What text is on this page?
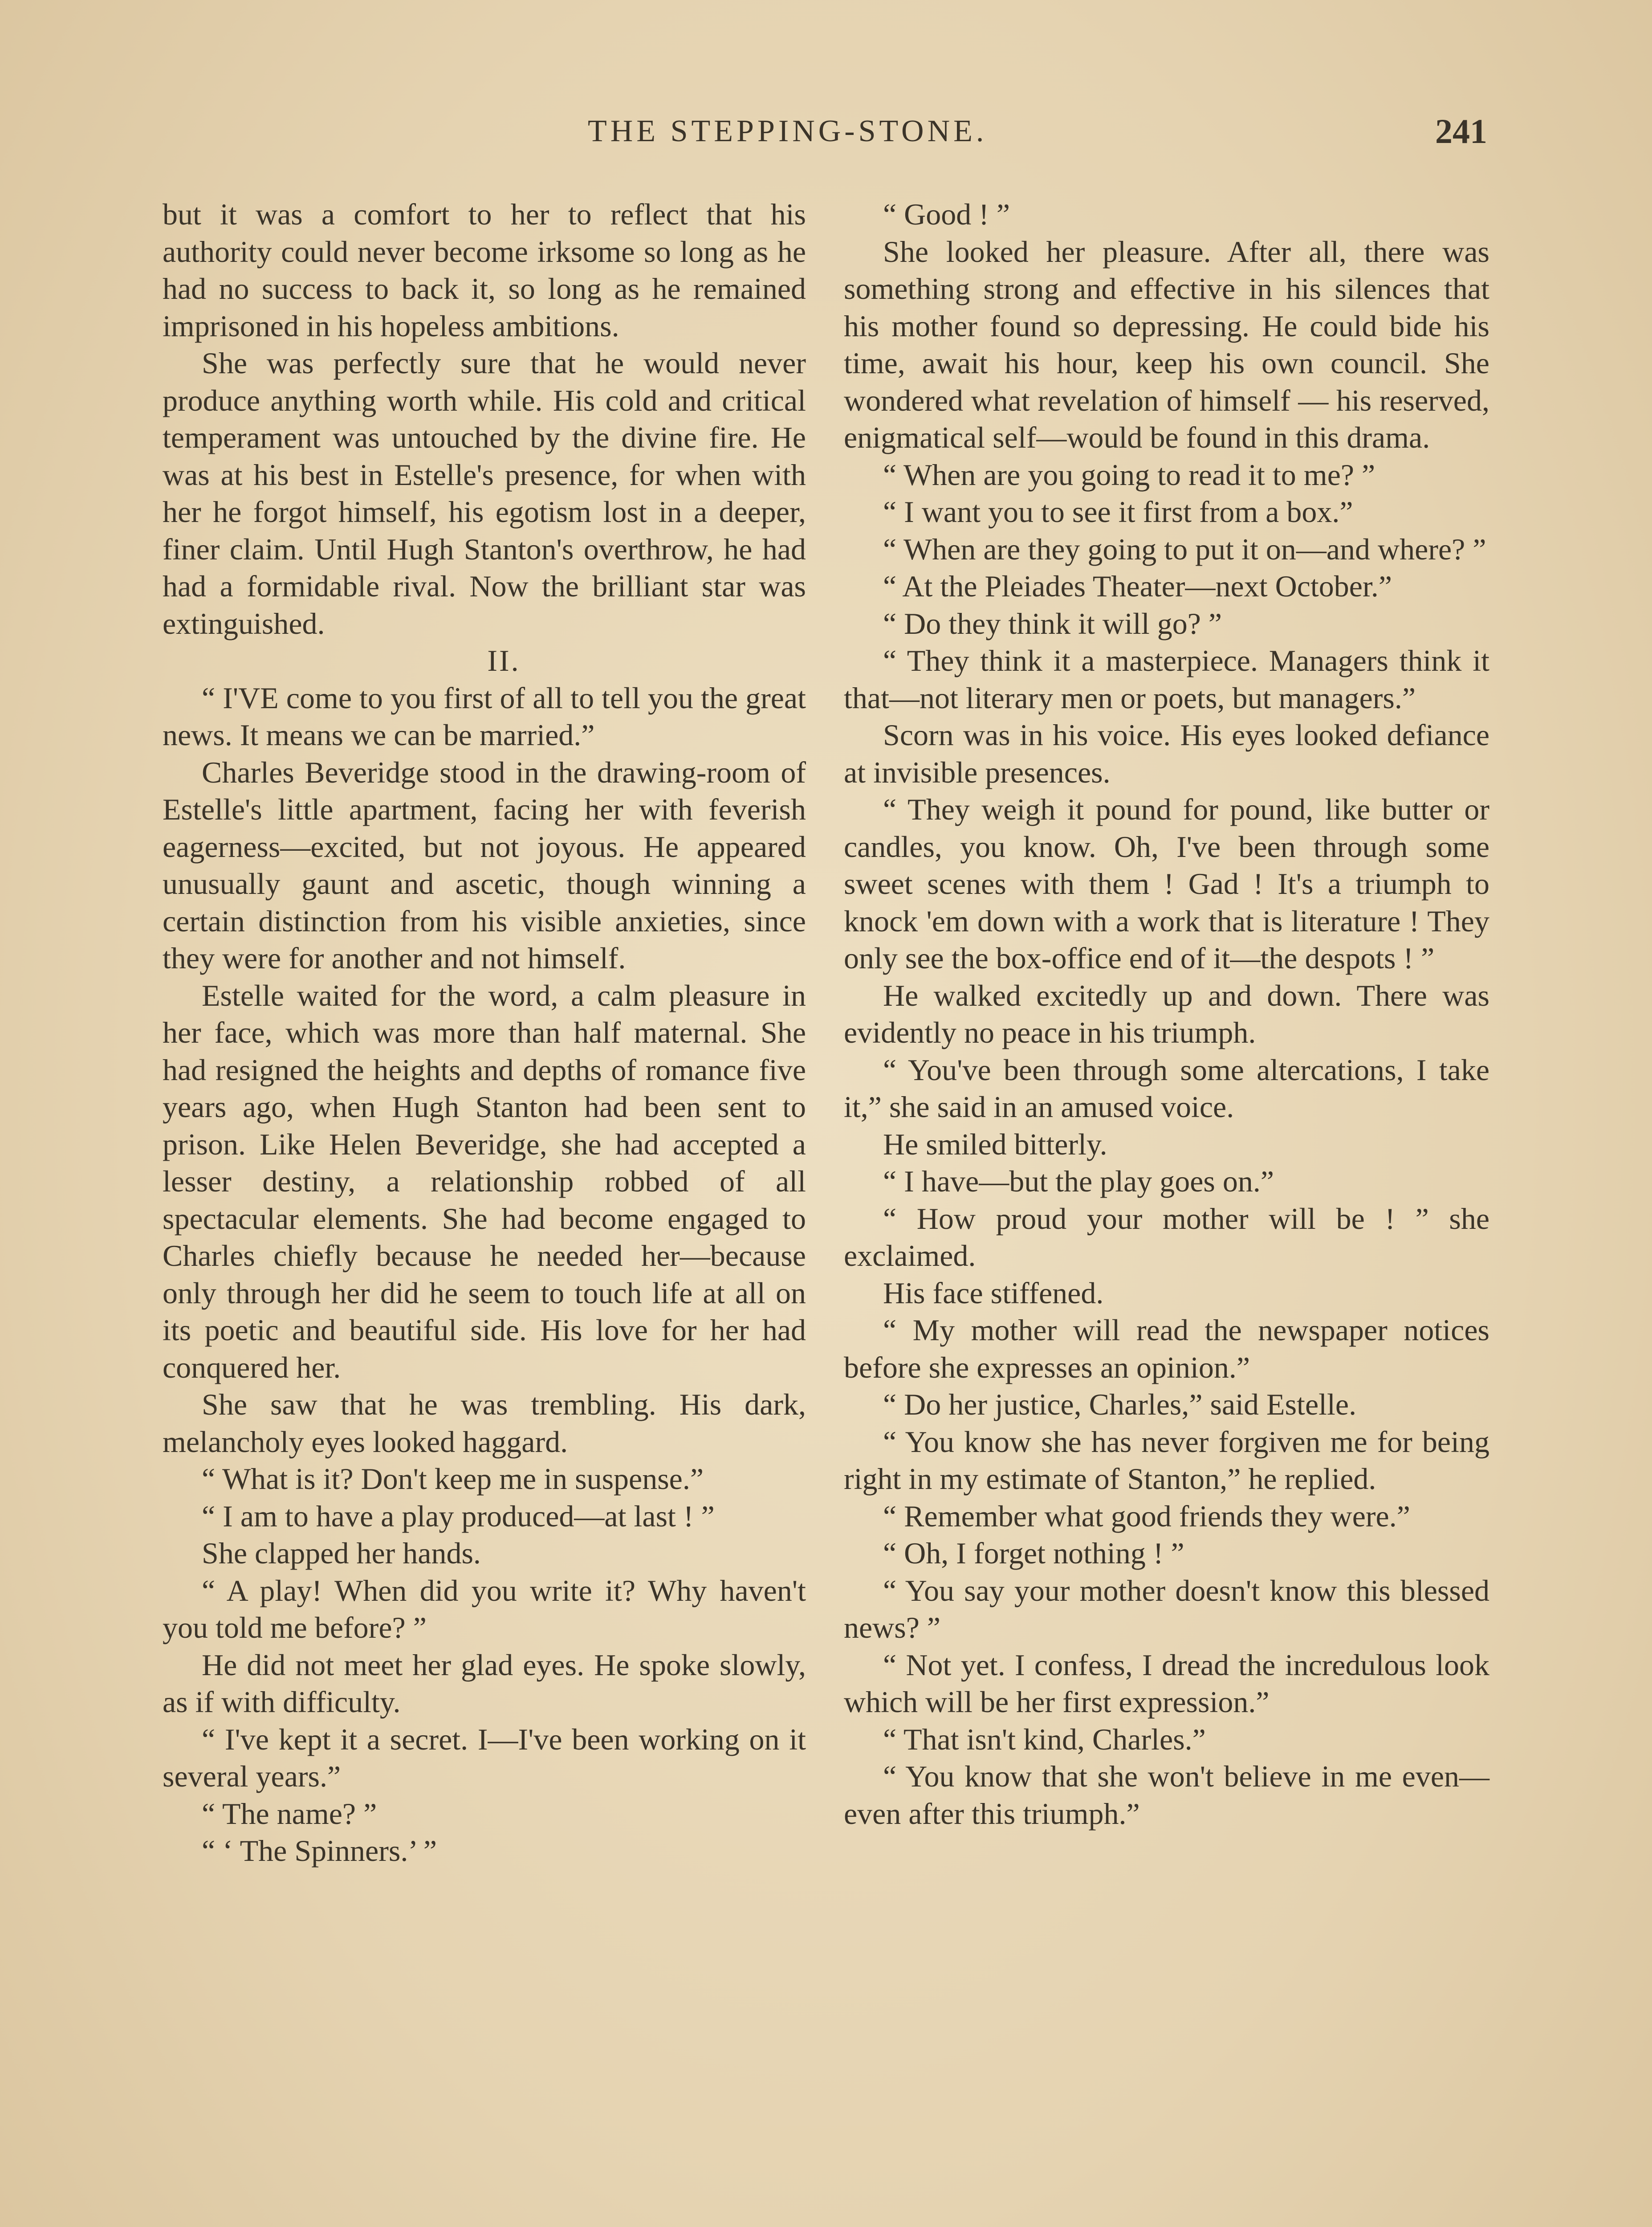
THE STEPPING-STONE.	241

but it was a comfort to her to reflect that his authority could never become irksome so long as he had no success to back it, so long as he remained imprisoned in his hopeless ambitions.

She was perfectly sure that he would never produce anything worth while. His cold and critical temperament was untouched by the divine fire. He was at his best in Estelle's presence, for when with her he forgot himself, his egotism lost in a deeper, finer claim. Until Hugh Stanton's overthrow, he had had a formidable rival. Now the brilliant star was extinguished.

II.

“ I'VE come to you first of all to tell you the great news. It means we can be married.”

Charles Beveridge stood in the drawing-room of Estelle's little apartment, facing her with feverish eagerness—excited, but not joyous. He appeared unusually gaunt and ascetic, though winning a certain distinction from his visible anxieties, since they were for another and not himself.

Estelle waited for the word, a calm pleasure in her face, which was more than half maternal. She had resigned the heights and depths of romance five years ago, when Hugh Stanton had been sent to prison. Like Helen Beveridge, she had accepted a lesser destiny, a relationship robbed of all spectacular elements. She had become engaged to Charles chiefly because he needed her—because only through her did he seem to touch life at all on its poetic and beautiful side. His love for her had conquered her.

She saw that he was trembling. His dark, melancholy eyes looked haggard.

“ What is it? Don't keep me in suspense.”

“ I am to have a play produced—at last ! ”

She clapped her hands.

“ A play! When did you write it? Why haven't you told me before? ”

He did not meet her glad eyes. He spoke slowly, as if with difficulty.

“ I've kept it a secret. I—I've been working on it several years.”

“ The name? ”

“ ‘ The Spinners.’ ”

“ Good ! ”

She looked her pleasure. After all, there was something strong and effective in his silences that his mother found so depressing. He could bide his time, await his hour, keep his own council. She wondered what revelation of himself — his reserved, enigmatical self—would be found in this drama.

“ When are you going to read it to me? ”

“ I want you to see it first from a box.”

“ When are they going to put it on—and where? ”

“ At the Pleiades Theater—next October.”

“ Do they think it will go? ”

“ They think it a masterpiece. Managers think it that—not literary men or poets, but managers.”

Scorn was in his voice. His eyes looked defiance at invisible presences.

“ They weigh it pound for pound, like butter or candles, you know. Oh, I've been through some sweet scenes with them ! Gad ! It's a triumph to knock 'em down with a work that is literature ! They only see the box-office end of it—the despots ! ”

He walked excitedly up and down. There was evidently no peace in his triumph.

“ You've been through some altercations, I take it,” she said in an amused voice.

He smiled bitterly.

“ I have—but the play goes on.”

“ How proud your mother will be ! ” she exclaimed.

His face stiffened.

“ My mother will read the newspaper notices before she expresses an opinion.”

“ Do her justice, Charles,” said Estelle.

“ You know she has never forgiven me for being right in my estimate of Stanton,” he replied.

“ Remember what good friends they were.”

“ Oh, I forget nothing ! ”

“ You say your mother doesn't know this blessed news? ”

“ Not yet. I confess, I dread the incredulous look which will be her first expression.”

“ That isn't kind, Charles.”

“ You know that she won't believe in me even—even after this triumph.”
